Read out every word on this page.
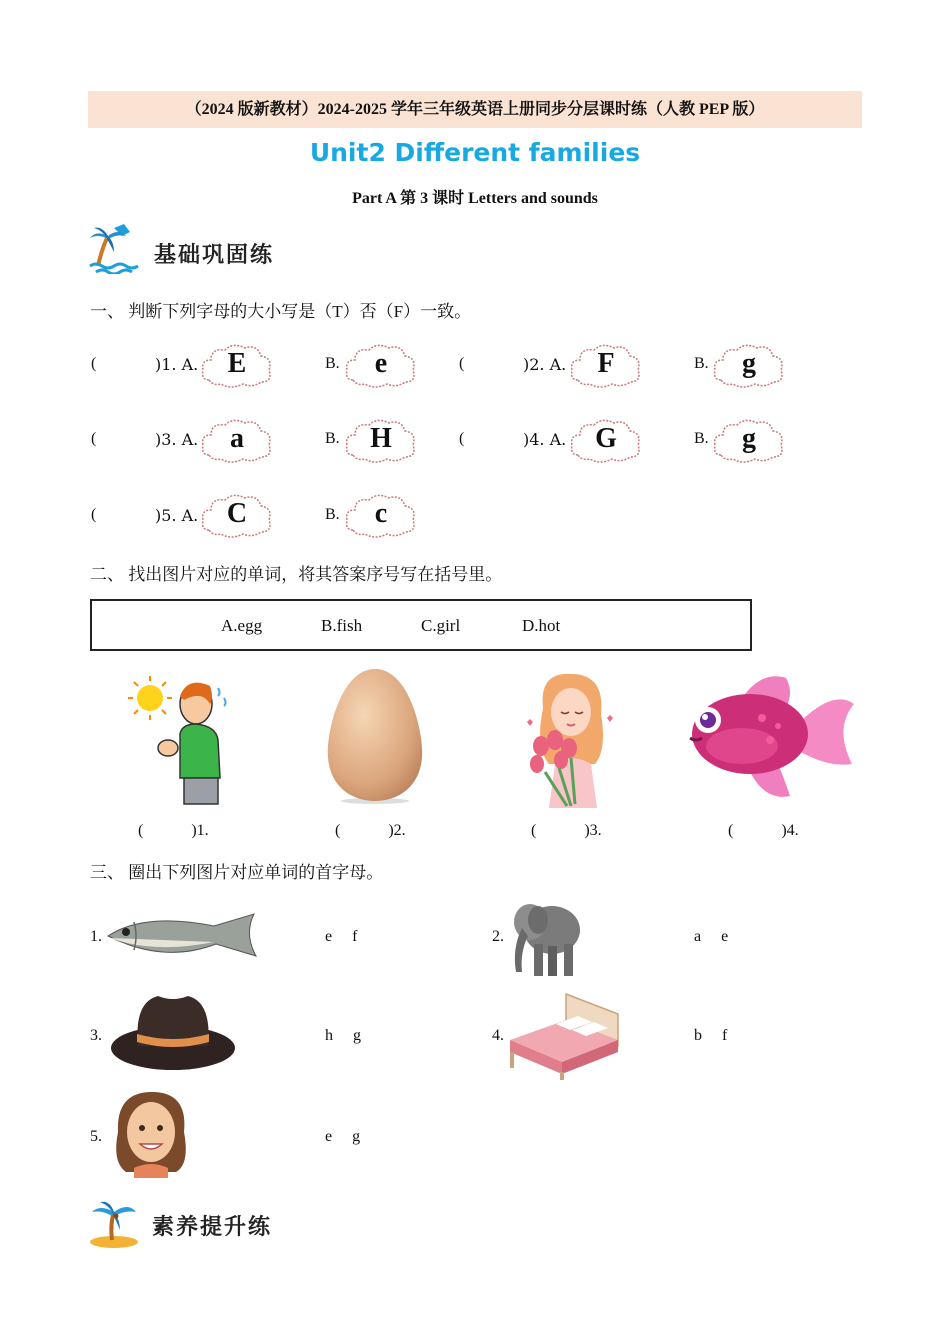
（2024 版新教材）2024-2025 学年三年级英语上册同步分层课时练（人教 PEP 版）
Unit2 Different families
Part A 第 3 课时 Letters and sounds
基础巩固练
一、 判断下列字母的大小写是（T）否（F）一致。
(	)1. A.	E	B.	e	(	)2. A.	F	B.	g
(	)3. A.	a	B.	H	(	)4. A.	G	B.	g
(	)5. A.	C	B.	c
二、 找出图片对应的单词，将其答案序号写在括号里。
A.egg	B.fish	C.girl	D.hot
(            )1.	(            )2.	(            )3.	(            )4.
三、 圈出下列图片对应单词的首字母。
1.	e     f	2.	a     e
3.	h     g	4.	b     f
5.	e     g
素养提升练
